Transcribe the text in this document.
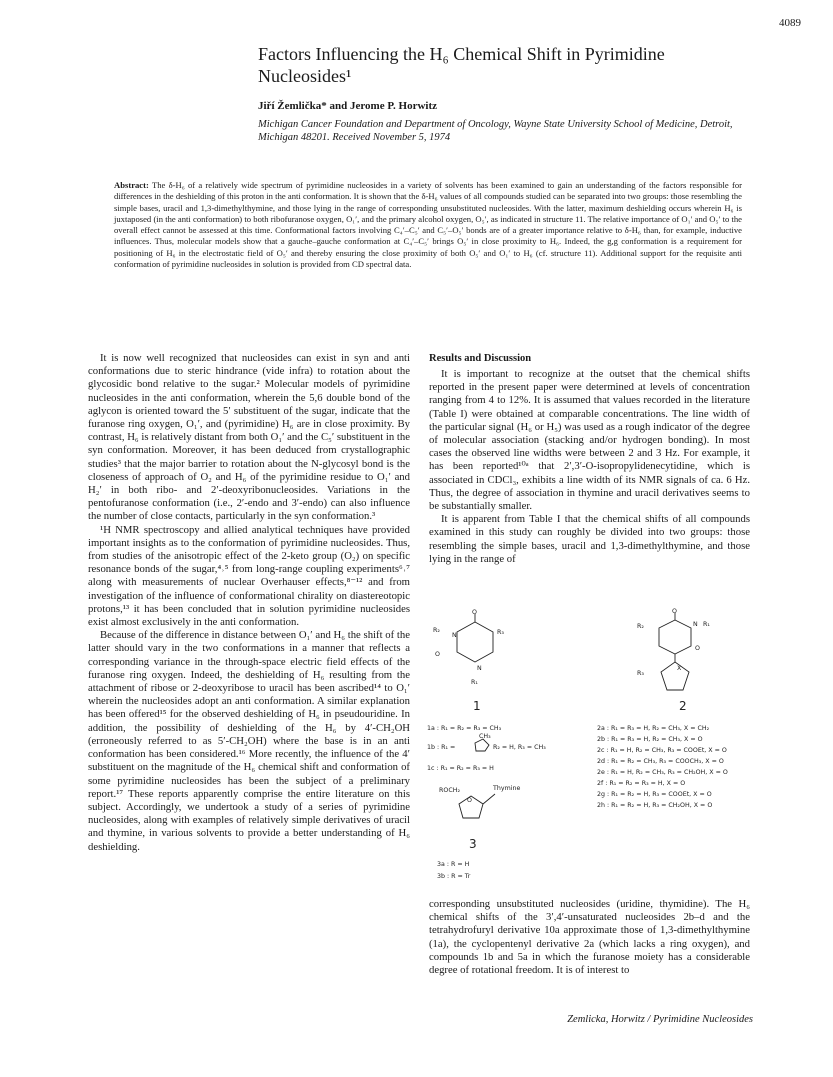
4089
Factors Influencing the H₆ Chemical Shift in Pyrimidine Nucleosides¹
Jiří Žemlička* and Jerome P. Horwitz
Michigan Cancer Foundation and Department of Oncology, Wayne State University School of Medicine, Detroit, Michigan 48201. Received November 5, 1974
Abstract: The δ-H₆ of a relatively wide spectrum of pyrimidine nucleosides in a variety of solvents has been examined to gain an understanding of the factors responsible for differences in the deshielding of this proton in the anti conformation. It is shown that the δ-H₆ values of all compounds studied can be separated into two groups: those resembling the simple bases, uracil and 1,3-dimethylthymine, and those lying in the range of corresponding unsubstituted nucleosides. With the latter, maximum deshielding occurs wherein H₆ is juxtaposed (in the anti conformation) to both ribofuranose oxygen, O₁′, and the primary alcohol oxygen, O₅′, as indicated in structure 11. The relative importance of O₁′ and O₅′ to the overall effect cannot be assessed at this time. Conformational factors involving C₄′–C₅′ and C₅′–O₅′ bonds are of a greater importance relative to δ-H₆ than, for example, inductive influences. Thus, molecular models show that a gauche–gauche conformation at C₄′–C₅′ brings O₅′ in close proximity to H₆. Indeed, the g,g conformation is a requirement for positioning of H₆ in the electrostatic field of O₅′ and thereby ensuring the close proximity of both O₅′ and O₁′ to H₆ (cf. structure 11). Additional support for the requisite anti conformation of pyrimidine nucleosides in solution is provided from CD spectral data.

It is now well recognized that nucleosides can exist in syn and anti conformations due to steric hindrance (vide infra) to rotation about the glycosidic bond relative to the sugar.² Molecular models of pyrimidine nucleosides in the anti conformation, wherein the 5,6 double bond of the aglycon is oriented toward the 5′ substituent of the sugar, indicate that the furanose ring oxygen, O₁′, and (pyrimidine) H₆ are in close proximity. By contrast, H₆ is relatively distant from both O₁′ and the C₅′ substituent in the syn conformation. Moreover, it has been deduced from crystallographic studies³ that the major barrier to rotation about the N-glycosyl bond is the closeness of approach of O₂ and H₆ of the pyrimidine residue to O₁′ and H₂′ in both ribo- and 2′-deoxyribonucleosides. Variations in the pentofuranose conformation (i.e., 2′-endo and 3′-endo) can also influence the number of close contacts, particularly in the syn conformation.³

¹H NMR spectroscopy and allied analytical techniques have provided important insights as to the conformation of pyrimidine nucleosides. Thus, from studies of the anisotropic effect of the 2-keto group (O₂) on specific resonance bonds of the sugar,⁴˒⁵ from long-range coupling experiments⁶˒⁷ along with measurements of nuclear Overhauser effects,⁸⁻¹² and from investigation of the influence of conformational chirality on diastereotopic protons,¹³ it has been concluded that in solution pyrimidine nucleosides exist almost exclusively in the anti conformation.

Because of the difference in distance between O₁′ and H₆ the shift of the latter should vary in the two conformations in a manner that reflects a corresponding variance in the through-space electric field effects of the furanose ring oxygen. Indeed, the deshielding of H₆ resulting from the attachment of ribose or 2-deoxyribose to uracil has been ascribed¹⁴ to O₁′ wherein the nucleosides adopt an anti conformation. A similar explanation has been offered¹⁵ for the observed deshielding of H₆ in pseudouridine. In addition, the possibility of deshielding of the H₆ by 4′-CH₂OH (erroneously referred to as 5′-CH₂OH) where the base is in an anti conformation has been considered.¹⁶ More recently, the influence of the 4′ substituent on the magnitude of the H₆ chemical shift and conformation of some pyrimidine nucleosides has been the subject of a preliminary report.¹⁷ These reports apparently comprise the entire literature on this subject. Accordingly, we undertook a study of a series of pyrimidine nucleosides, along with examples of relatively simple derivatives of uracil and thymine, in various solvents to provide a better understanding of H₆ deshielding.

Results and Discussion

It is important to recognize at the outset that the chemical shifts reported in the present paper were determined at levels of concentration ranging from 4 to 12%. It is assumed that values recorded in the literature (Table I) were obtained at comparable concentrations. The line width of the particular signal (H₆ or H₅) was used as a rough indicator of the degree of molecular association (stacking and/or hydrogen bonding). In most cases the observed line widths were between 2 and 3 Hz. For example, it has been reported¹⁰ᵃ that 2′,3′-O-isopropylidenecytidine, which is associated in CDCl₃, exhibits a line width of its NMR signals of ca. 6 Hz. Thus, the degree of association in thymine and uracil derivatives seems to be substantially smaller.

It is apparent from Table I that the chemical shifts of all compounds examined in this study can roughly be divided into two groups: those resembling the simple bases, uracil and 1,3-dimethylthymine, and those lying in the range of

O
R₂	R₃
N
O
N
R₁
1
O
R₂	N R₁
O
X
R₃
2
1a : R₁ = R₂ = R₃ = CH₃
1b : R₁ =
CH₃
R₂ = H, R₃ = CH₃
1c : R₁ = R₂ = R₃ = H
2a : R₁ = R₃ = H, R₂ = CH₃, X = CH₂
2b : R₁ = R₃ = H, R₂ = CH₃, X = O
2c : R₁ = H, R₂ = CH₃, R₃ = COOEt, X = O
2d : R₁ = R₂ = CH₃, R₃ = COOCH₃, X = O
2e : R₁ = H, R₂ = CH₃, R₃ = CH₂OH, X = O
2f : R₁ = R₂ = R₃ = H, X = O
2g : R₁ = R₂ = H, R₃ = COOEt, X = O
2h : R₁ = R₂ = H, R₃ = CH₂OH, X = O
ROCH₂	Thymine
O
3
3a : R = H
3b : R = Tr

corresponding unsubstituted nucleosides (uridine, thymidine). The H₆ chemical shifts of the 3′,4′-unsaturated nucleosides 2b–d and the tetrahydrofuryl derivative 10a approximate those of 1,3-dimethylthymine (1a), the cyclopentenyl derivative 2a (which lacks a ring oxygen), and compounds 1b and 5a in which the furanose moiety has a considerable degree of rotational freedom. It is of interest to

Zemlicka, Horwitz / Pyrimidine Nucleosides
